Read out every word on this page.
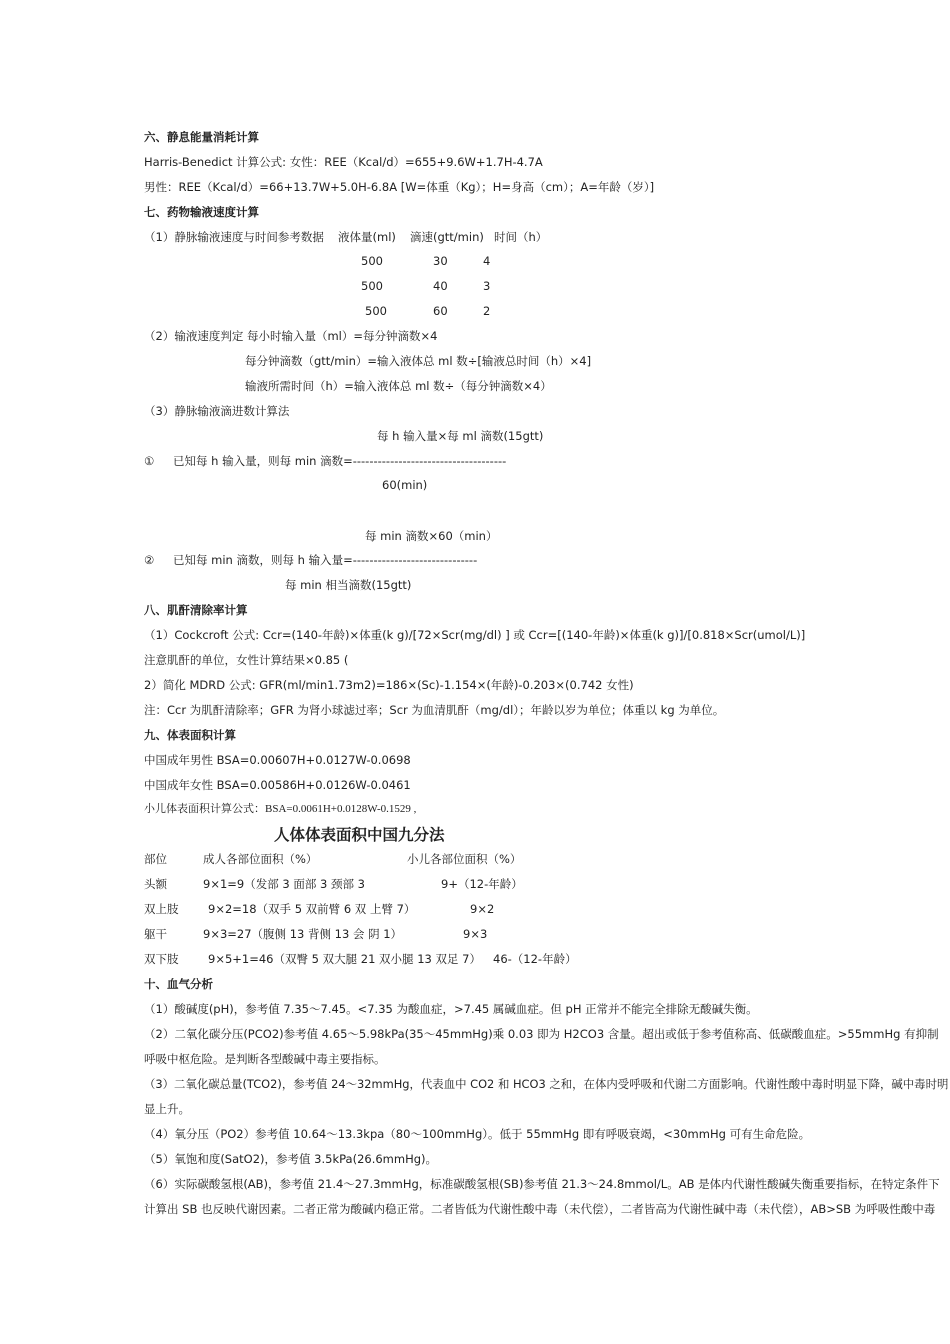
六、静息能量消耗计算
Harris-Benedict 计算公式: 女性：REE（Kcal/d）=655+9.6W+1.7H-4.7A
男性：REE（Kcal/d）=66+13.7W+5.0H-6.8A [W=体重（Kg）；H=身高（cm）；A=年龄（岁）]
七、药物输液速度计算
（1）静脉输液速度与时间参考数据 液体量(ml) 滴速(gtt/min) 时间（h）
500	30	4
500	40	3
500	60	2
（2）输液速度判定 每小时输入量（ml）=每分钟滴数×4
每分钟滴数（gtt/min）=输入液体总 ml 数÷[输液总时间（h）×4]
输液所需时间（h）=输入液体总 ml 数÷（每分钟滴数×4）
（3）静脉输液滴进数计算法
每 h 输入量×每 ml 滴数(15gtt)
① 已知每 h 输入量，则每 min 滴数=-------------------------------------
60(min)
每 min 滴数×60（min）
② 已知每 min 滴数，则每 h 输入量=------------------------------
每 min 相当滴数(15gtt)
八、肌酐清除率计算
（1）Cockcroft 公式: Ccr=(140-年龄)×体重(k g)/[72×Scr(mg/dl) ] 或 Ccr=[(140-年龄)×体重(k g)]/[0.818×Scr(umol/L)]
注意肌酐的单位，女性计算结果×0.85 (
2）简化 MDRD 公式: GFR(ml/min1.73m2)=186×(Sc)-1.154×(年龄)-0.203×(0.742 女性)
注：Ccr 为肌酐清除率；GFR 为肾小球滤过率；Scr 为血清肌酐（mg/dl）；年龄以岁为单位；体重以 kg 为单位。
九、体表面积计算
中国成年男性 BSA=0.00607H+0.0127W-0.0698
中国成年女性 BSA=0.00586H+0.0126W-0.0461
小儿体表面积计算公式：BSA=0.0061H+0.0128W-0.1529 ,
人体体表面积中国九分法
部位	成人各部位面积（%）	小儿各部位面积（%）
头额	9×1=9（发部 3 面部 3 颈部 3	9+（12-年龄）
双上肢	9×2=18（双手 5 双前臂 6 双 上臂 7）	9×2
躯干	9×3=27（腹侧 13 背侧 13 会 阴 1）	9×3
双下肢	9×5+1=46（双臀 5 双大腿 21 双小腿 13 双足 7） 46-（12-年龄）
十、血气分析
（1）酸碱度(pH)，参考值 7.35～7.45。<7.35 为酸血症，>7.45 属碱血症。但 pH 正常并不能完全排除无酸碱失衡。
（2）二氧化碳分压(PCO2)参考值 4.65～5.98kPa(35～45mmHg)乘 0.03 即为 H2CO3 含量。超出或低于参考值称高、低碳酸血症。>55mmHg 有抑制
呼吸中枢危险。是判断各型酸碱中毒主要指标。
（3）二氧化碳总量(TCO2)，参考值 24～32mmHg，代表血中 CO2 和 HCO3 之和，在体内受呼吸和代谢二方面影响。代谢性酸中毒时明显下降，碱中毒时明
显上升。
（4）氧分压（PO2）参考值 10.64～13.3kpa（80～100mmHg）。低于 55mmHg 即有呼吸衰竭，<30mmHg 可有生命危险。
（5）氧饱和度(SatO2)，参考值 3.5kPa(26.6mmHg)。
（6）实际碳酸氢根(AB)，参考值 21.4～27.3mmHg，标准碳酸氢根(SB)参考值 21.3～24.8mmol/L。AB 是体内代谢性酸碱失衡重要指标，在特定条件下
计算出 SB 也反映代谢因素。二者正常为酸碱内稳正常。二者皆低为代谢性酸中毒（未代偿），二者皆高为代谢性碱中毒（未代偿），AB>SB 为呼吸性酸中毒
